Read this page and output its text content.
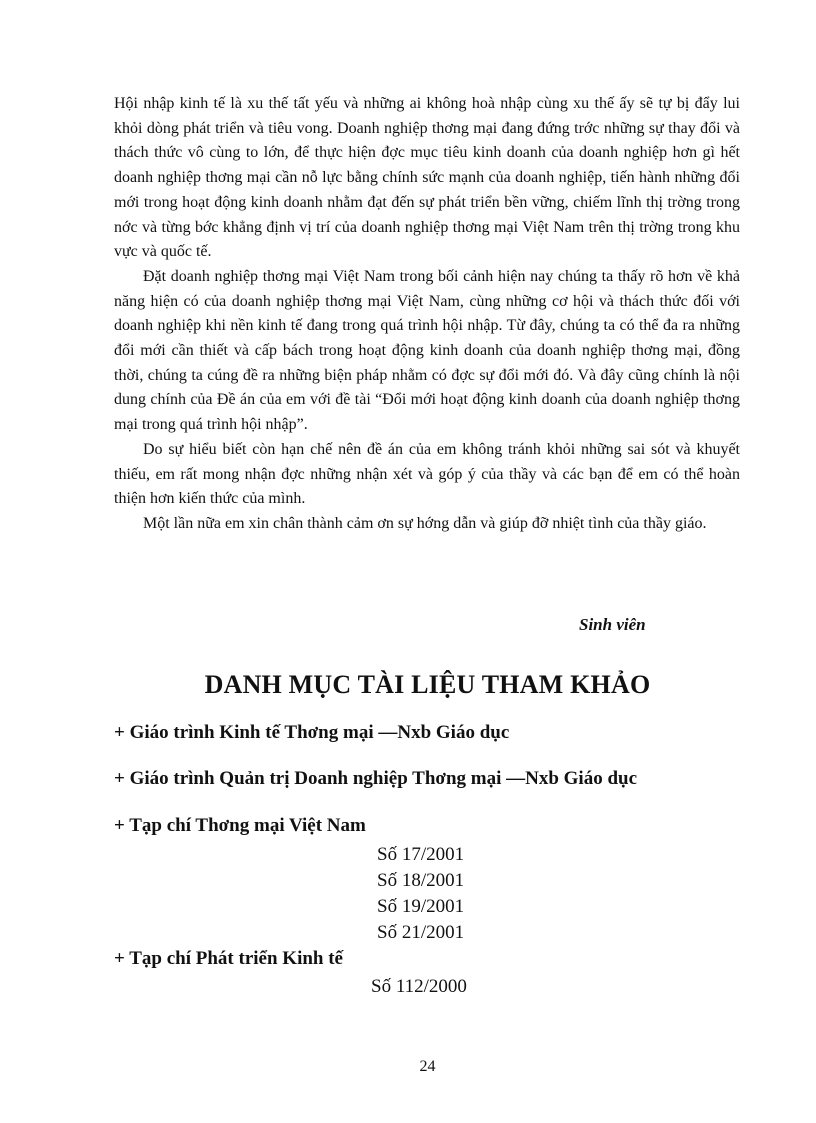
Hội nhập kinh tế là xu thế tất yếu và những ai không hoà nhập cùng xu thế ấy sẽ tự bị đẩy lui khỏi dòng phát triển và tiêu vong. Doanh nghiệp thơng mại đang đứng trớc những sự thay đổi và thách thức vô cùng to lớn, để thực hiện đợc mục tiêu kinh doanh của doanh nghiệp hơn gì hết doanh nghiệp thơng mại cần nỗ lực bằng chính sức mạnh của doanh nghiệp, tiến hành những đổi mới trong hoạt động kinh doanh nhằm đạt đến sự phát triển bền vững, chiếm lĩnh thị trờng trong nớc và từng bớc khẳng định vị trí của doanh nghiệp thơng mại Việt Nam trên thị trờng trong khu vực và quốc tế.

Đặt doanh nghiệp thơng mại Việt Nam trong bối cảnh hiện nay chúng ta thấy rõ hơn về khả năng hiện có của doanh nghiệp thơng mại Việt Nam, cùng những cơ hội và thách thức đối với doanh nghiệp khi nền kinh tế đang trong quá trình hội nhập. Từ đây, chúng ta có thể đa ra những đổi mới cần thiết và cấp bách trong hoạt động kinh doanh của doanh nghiệp thơng mại, đồng thời, chúng ta cúng đề ra những biện pháp nhằm có đợc sự đổi mới đó. Và đây cũng chính là nội dung chính của Đề án của em với đề tài “Đổi mới hoạt động kinh doanh của doanh nghiệp thơng mại trong quá trình hội nhập”.

Do sự hiểu biết còn hạn chế nên đề án của em không tránh khỏi những sai sót và khuyết thiếu, em rất mong nhận đợc những nhận xét và góp ý của thầy và các bạn để em có thể hoàn thiện hơn kiến thức của mình.

Một lần nữa em xin chân thành cảm ơn sự hớng dẫn và giúp đỡ nhiệt tình của thầy giáo.

Sinh viên

DANH MỤC TÀI LIỆU THAM KHẢO

+ Giáo trình Kinh tế Thơng mại —Nxb Giáo dục

+ Giáo trình Quản trị Doanh nghiệp Thơng mại —Nxb Giáo dục

+ Tạp chí Thơng mại Việt Nam

Số 17/2001

Số 18/2001

Số 19/2001

Số 21/2001

+ Tạp chí Phát triển Kinh tế

Số 112/2000

24
